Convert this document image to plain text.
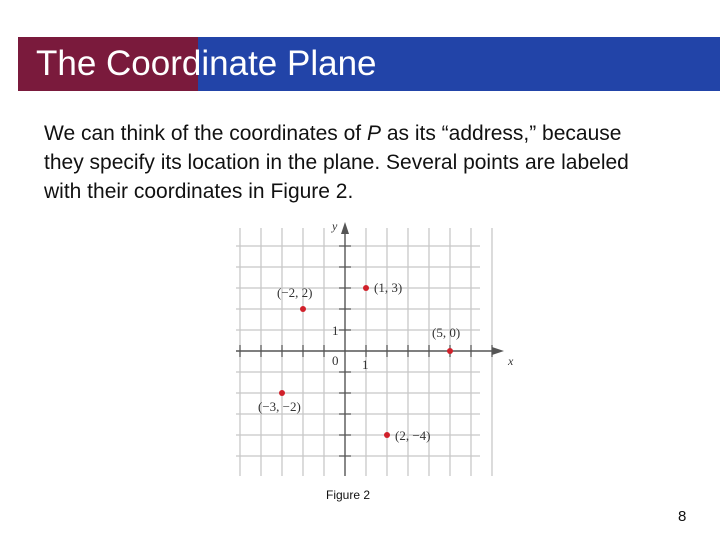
The Coordinate Plane
We can think of the coordinates of P as its “address,” because they specify its location in the plane. Several points are labeled with their coordinates in Figure 2.
x
y
0 1
1
(−2, 2)	(1, 3)
(5, 0)
(−3, −2)
(2, −4)
Figure 2
8
